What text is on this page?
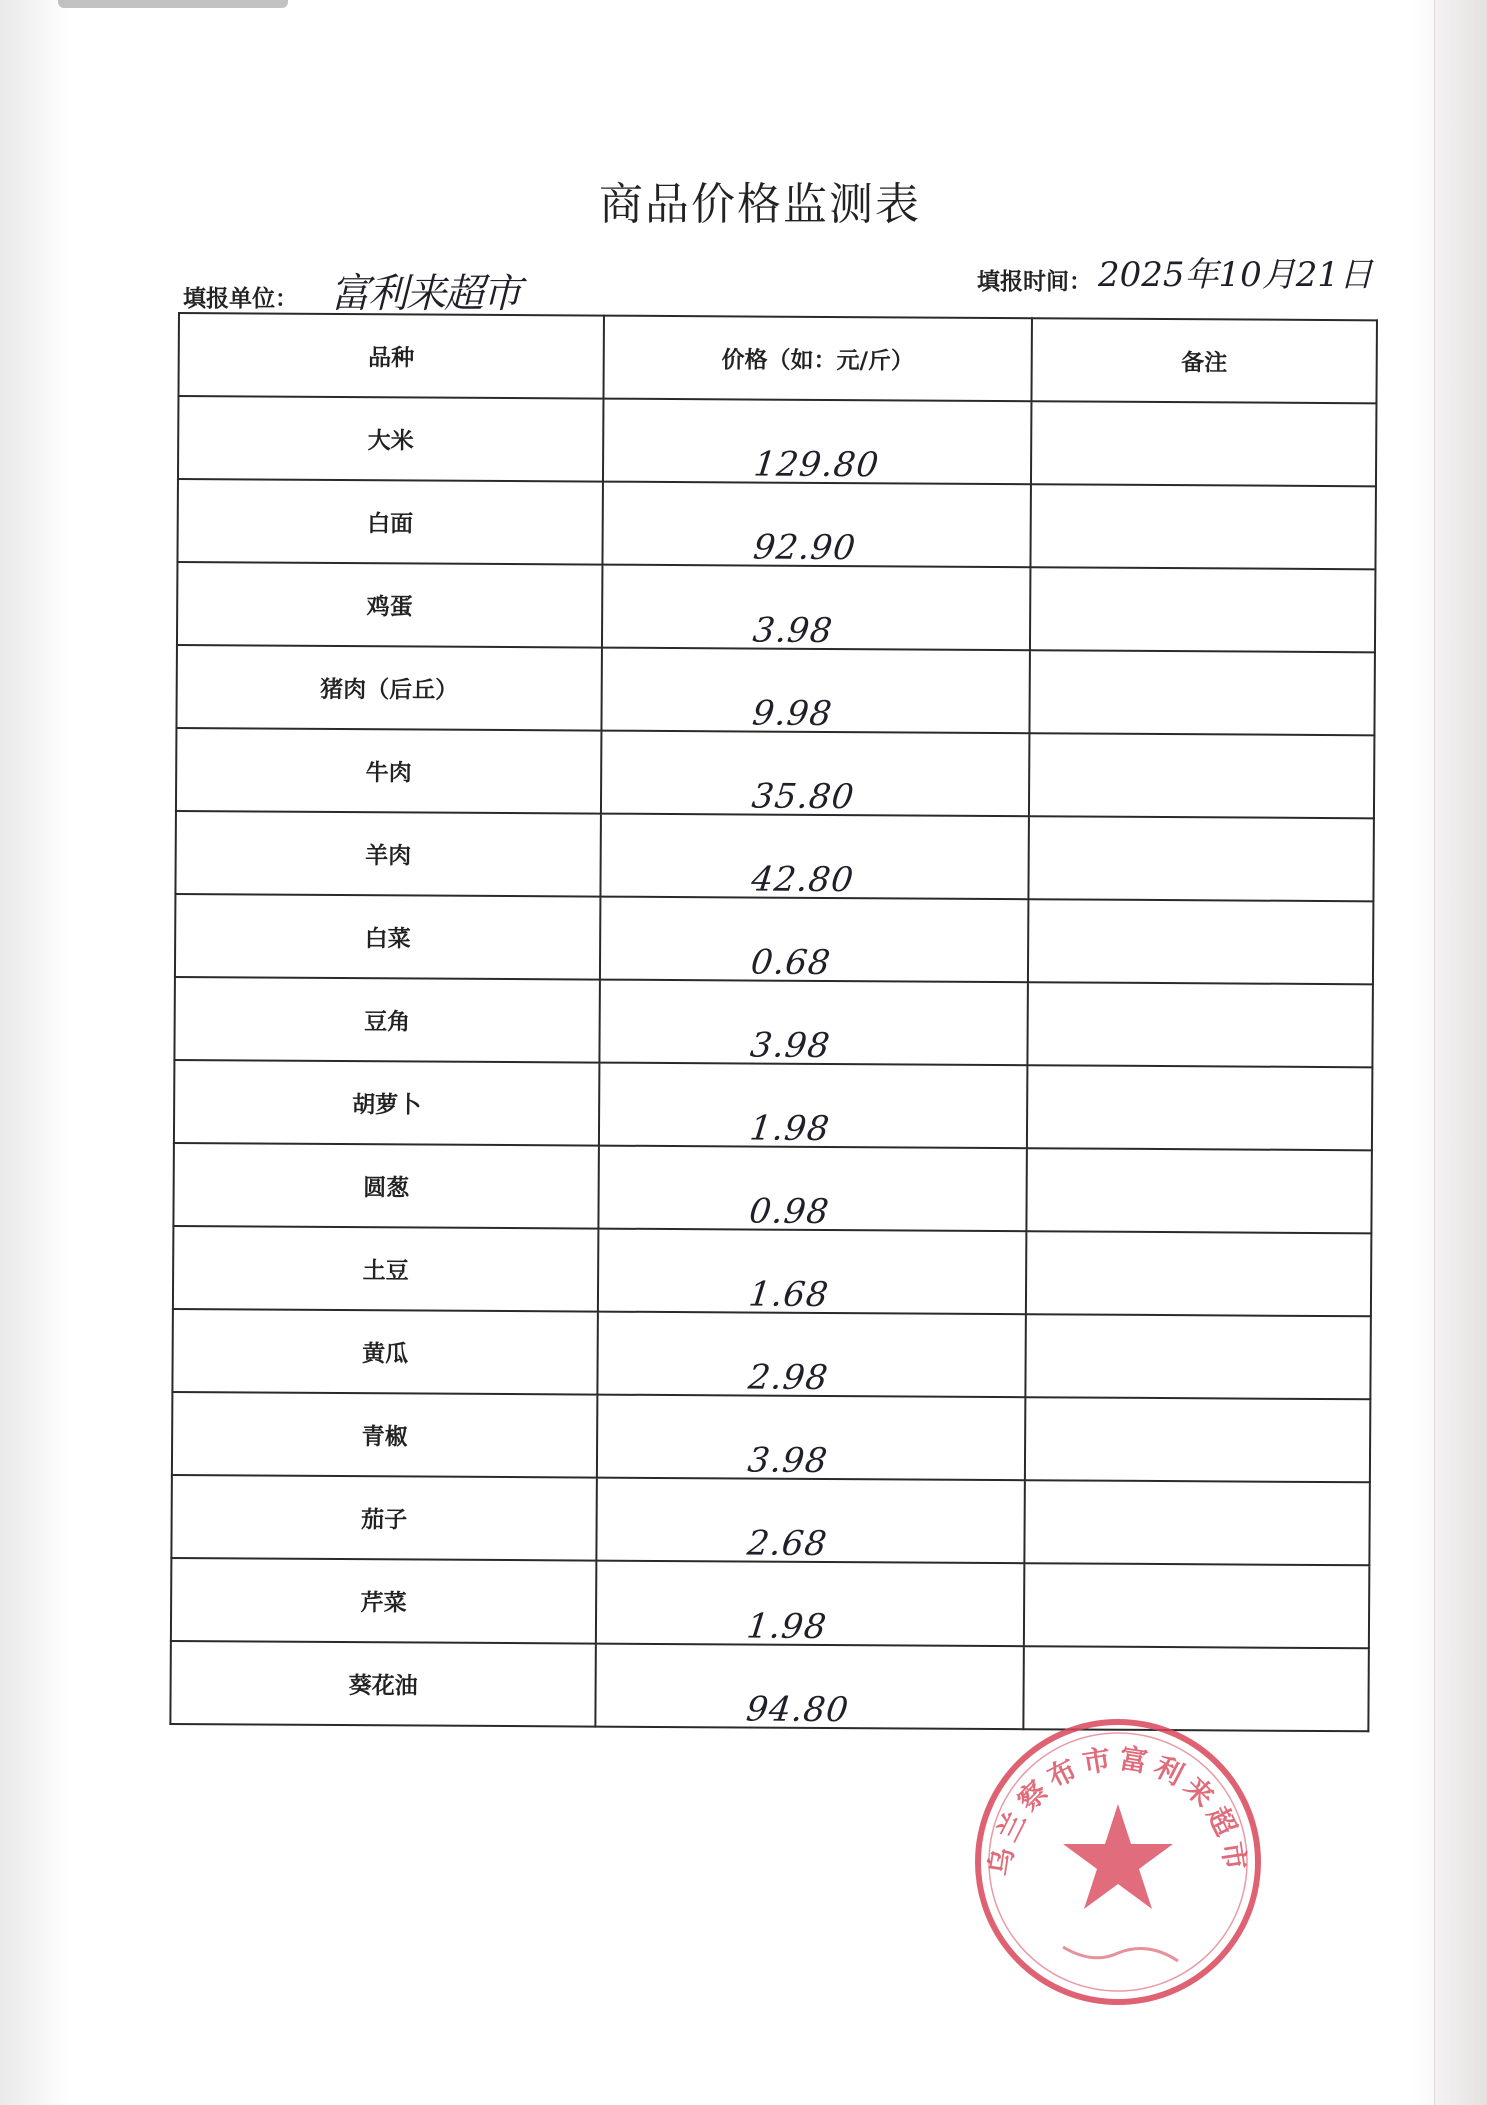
商品价格监测表
填报单位： 富利来超市	填报时间： 2025年10月21日
品种	价格（如：元/斤）	备注

大米	129.80	

白面	92.90	

鸡蛋	3.98	

猪肉（后丘）	9.98	

牛肉	35.80	

羊肉	42.80	

白菜	0.68	

豆角	3.98	

胡萝卜	1.98	

圆葱	0.98	

土豆	1.68	

黄瓜	2.98	

青椒	3.98	

茄子	2.68	

芹菜	1.98	

葵花油	94.80	

乌兰察布市富利来超市
